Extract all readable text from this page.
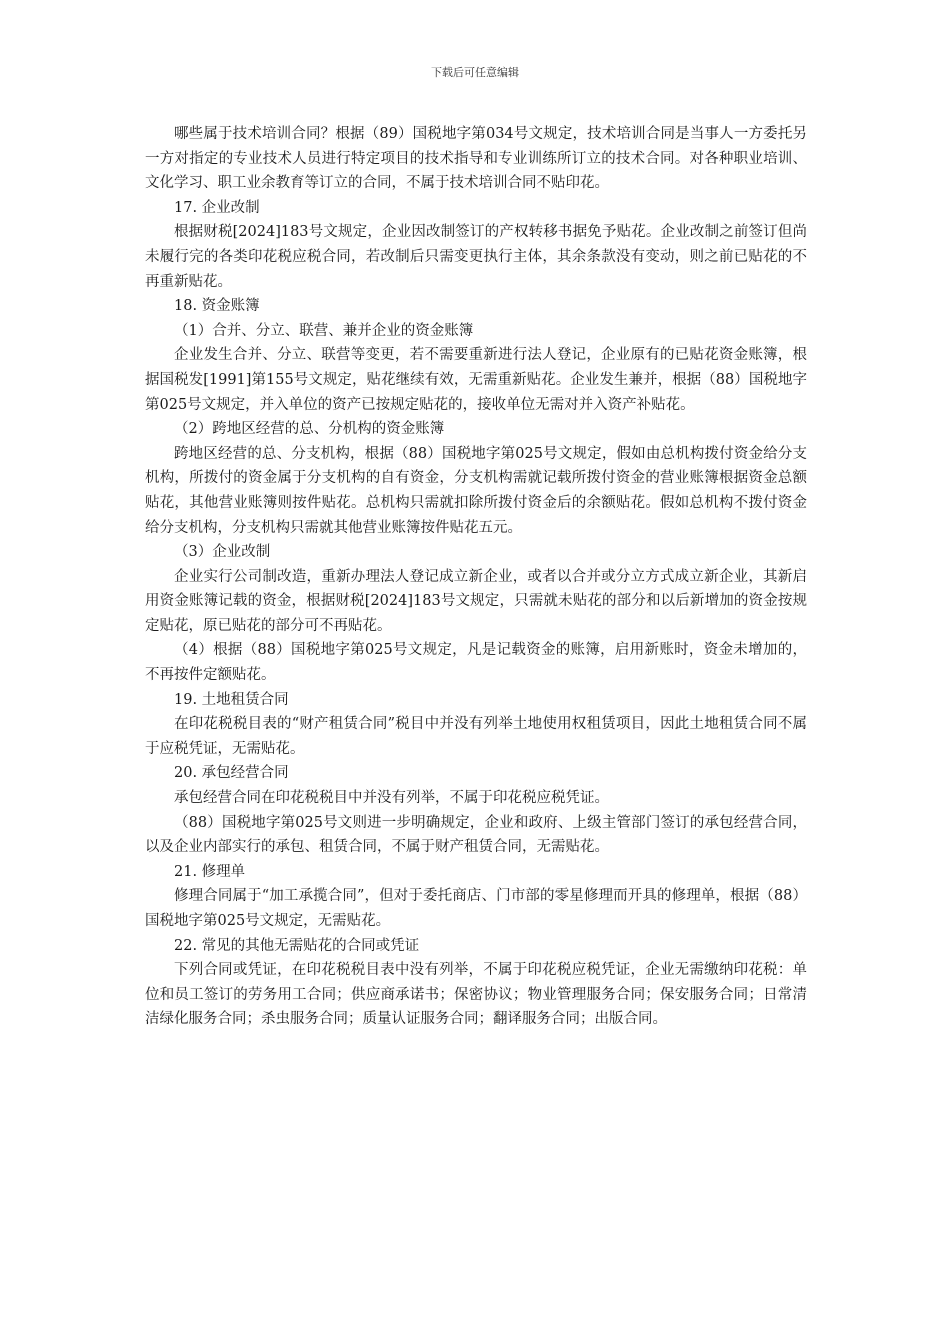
下载后可任意编辑

哪些属于技术培训合同？根据（89）国税地字第034号文规定，技术培训合同是当事人一方委托另一方对指定的专业技术人员进行特定项目的技术指导和专业训练所订立的技术合同。对各种职业培训、文化学习、职工业余教育等订立的合同，不属于技术培训合同不贴印花。

17. 企业改制

根据财税[2024]183号文规定，企业因改制签订的产权转移书据免予贴花。企业改制之前签订但尚未履行完的各类印花税应税合同，若改制后只需变更执行主体，其余条款没有变动，则之前已贴花的不再重新贴花。

18. 资金账簿

（1）合并、分立、联营、兼并企业的资金账簿

企业发生合并、分立、联营等变更，若不需要重新进行法人登记，企业原有的已贴花资金账簿，根据国税发[1991]第155号文规定，贴花继续有效，无需重新贴花。企业发生兼并，根据（88）国税地字第025号文规定，并入单位的资产已按规定贴花的，接收单位无需对并入资产补贴花。

（2）跨地区经营的总、分机构的资金账簿

跨地区经营的总、分支机构，根据（88）国税地字第025号文规定，假如由总机构拨付资金给分支机构，所拨付的资金属于分支机构的自有资金，分支机构需就记载所拨付资金的营业账簿根据资金总额贴花，其他营业账簿则按件贴花。总机构只需就扣除所拨付资金后的余额贴花。假如总机构不拨付资金给分支机构，分支机构只需就其他营业账簿按件贴花五元。

（3）企业改制

企业实行公司制改造，重新办理法人登记成立新企业，或者以合并或分立方式成立新企业，其新启用资金账簿记载的资金，根据财税[2024]183号文规定，只需就未贴花的部分和以后新增加的资金按规定贴花，原已贴花的部分可不再贴花。

（4）根据（88）国税地字第025号文规定，凡是记载资金的账簿，启用新账时，资金未增加的，不再按件定额贴花。

19. 土地租赁合同

在印花税税目表的“财产租赁合同”税目中并没有列举土地使用权租赁项目，因此土地租赁合同不属于应税凭证，无需贴花。

20. 承包经营合同

承包经营合同在印花税税目中并没有列举，不属于印花税应税凭证。

（88）国税地字第025号文则进一步明确规定，企业和政府、上级主管部门签订的承包经营合同，以及企业内部实行的承包、租赁合同，不属于财产租赁合同，无需贴花。

21. 修理单

修理合同属于“加工承揽合同”，但对于委托商店、门市部的零星修理而开具的修理单，根据（88）国税地字第025号文规定，无需贴花。

22. 常见的其他无需贴花的合同或凭证

下列合同或凭证，在印花税税目表中没有列举，不属于印花税应税凭证，企业无需缴纳印花税：单位和员工签订的劳务用工合同；供应商承诺书；保密协议；物业管理服务合同；保安服务合同；日常清洁绿化服务合同；杀虫服务合同；质量认证服务合同；翻译服务合同；出版合同。
